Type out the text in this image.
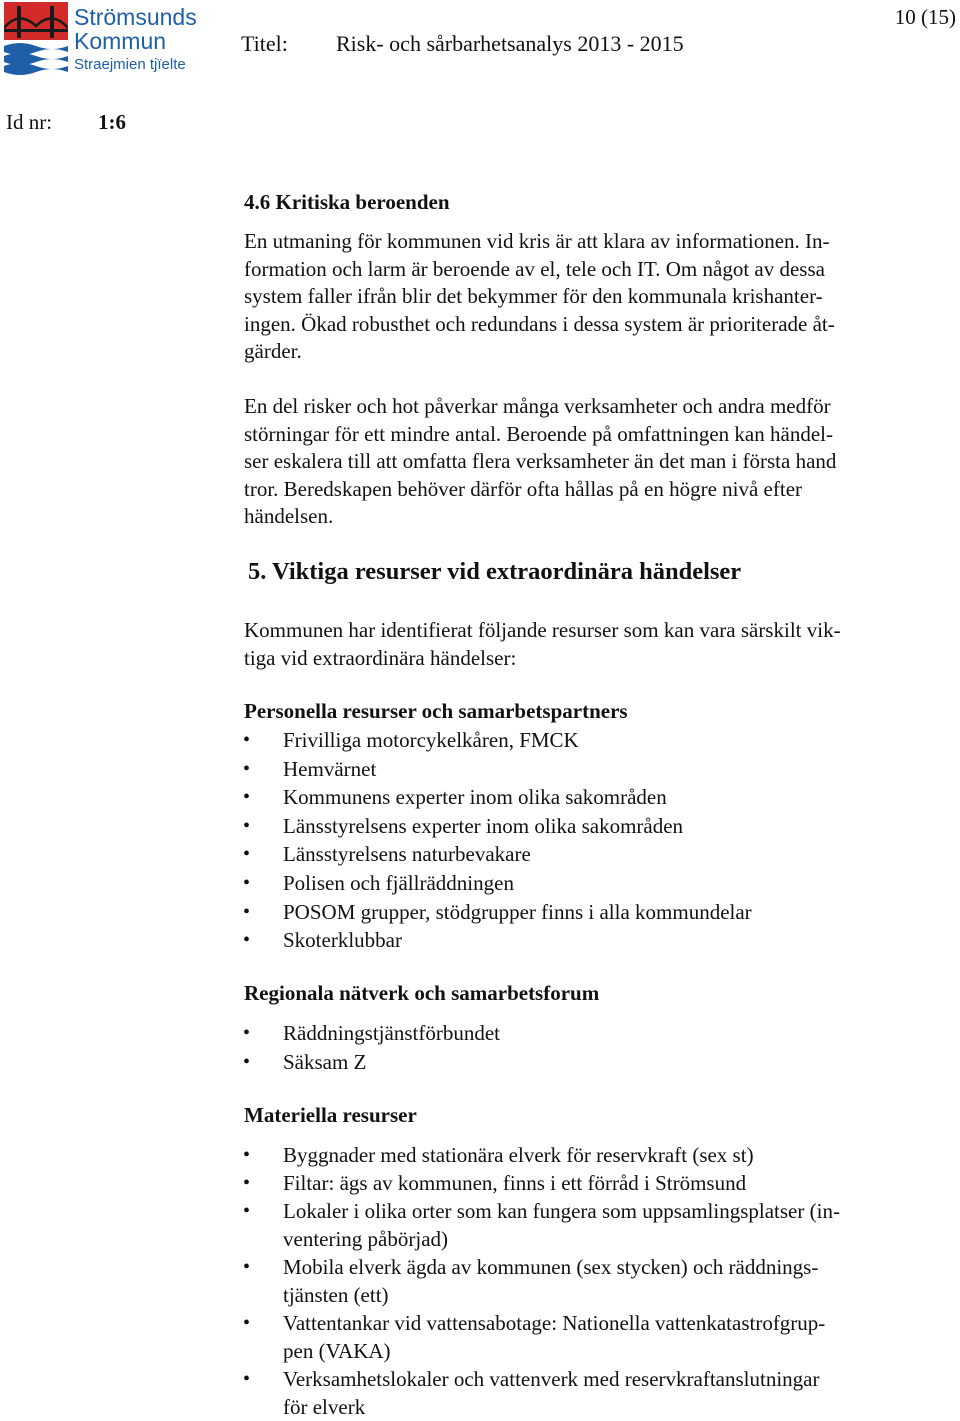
Strömsunds
Kommun
Straejmien tjïelte
Titel: Risk- och sårbarhetsanalys 2013 - 2015
10 (15)
Id nr: 1:6
4.6 Kritiska beroenden
En utmaning för kommunen vid kris är att klara av informationen. In-
formation och larm är beroende av el, tele och IT. Om något av dessa
system faller ifrån blir det bekymmer för den kommunala krishanter-
ingen. Ökad robusthet och redundans i dessa system är prioriterade åt-
gärder.
En del risker och hot påverkar många verksamheter och andra medför
störningar för ett mindre antal. Beroende på omfattningen kan händel-
ser eskalera till att omfatta flera verksamheter än det man i första hand
tror. Beredskapen behöver därför ofta hållas på en högre nivå efter
händelsen.
5. Viktiga resurser vid extraordinära händelser
Kommunen har identifierat följande resurser som kan vara särskilt vik-
tiga vid extraordinära händelser:
Personella resurser och samarbetspartners
• Frivilliga motorcykelkåren, FMCK
• Hemvärnet
• Kommunens experter inom olika sakområden
• Länsstyrelsens experter inom olika sakområden
• Länsstyrelsens naturbevakare
• Polisen och fjällräddningen
• POSOM grupper, stödgrupper finns i alla kommundelar
• Skoterklubbar
Regionala nätverk och samarbetsforum
• Räddningstjänstförbundet
• Säksam Z
Materiella resurser
• Byggnader med stationära elverk för reservkraft (sex st)
• Filtar: ägs av kommunen, finns i ett förråd i Strömsund
• Lokaler i olika orter som kan fungera som uppsamlingsplatser (in-
ventering påbörjad)
• Mobila elverk ägda av kommunen (sex stycken) och räddnings-
tjänsten (ett)
• Vattentankar vid vattensabotage: Nationella vattenkatastrofgrup-
pen (VAKA)
• Verksamhetslokaler och vattenverk med reservkraftanslutningar
för elverk
